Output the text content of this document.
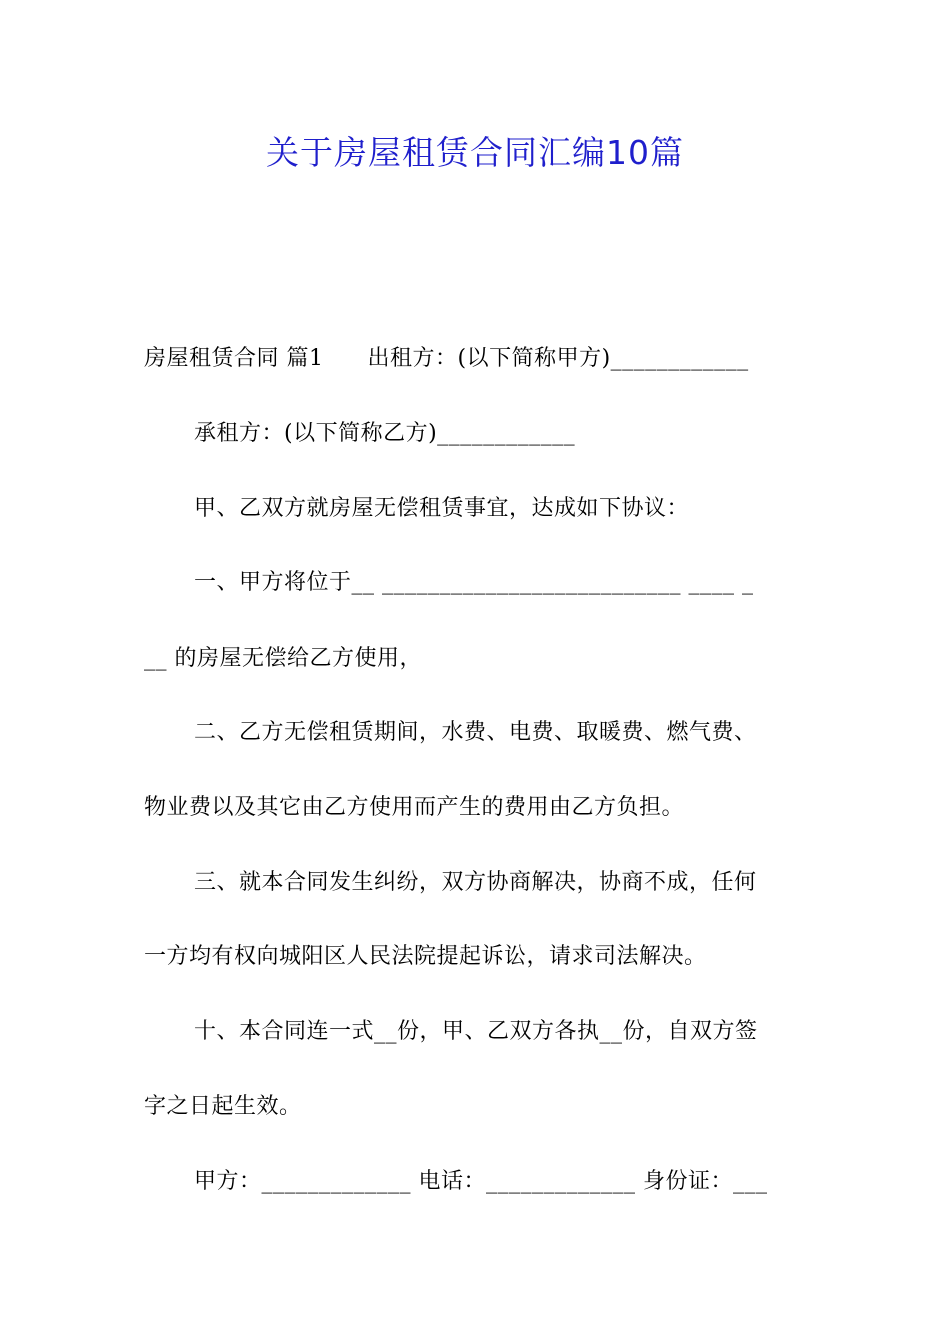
关于房屋租赁合同汇编10篇
房屋租赁合同 篇1 出租方：(以下简称甲方)____________
承租方：(以下简称乙方)____________
甲、乙双方就房屋无偿租赁事宜，达成如下协议：
一、甲方将位于__ __________________________ ____ _
__ 的房屋无偿给乙方使用，
二、乙方无偿租赁期间，水费、电费、取暖费、燃气费、
物业费以及其它由乙方使用而产生的费用由乙方负担。
三、就本合同发生纠纷，双方协商解决，协商不成，任何
一方均有权向城阳区人民法院提起诉讼，请求司法解决。
十、本合同连一式__份，甲、乙双方各执__份，自双方签
字之日起生效。
甲方：_____________ 电话：_____________ 身份证：___
